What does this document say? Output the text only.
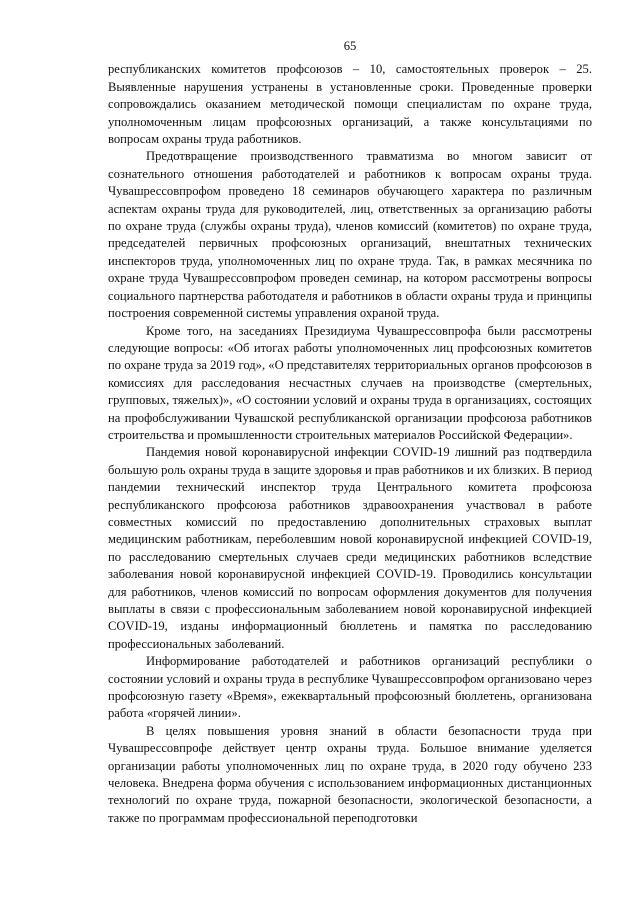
65

республиканских комитетов профсоюзов – 10, самостоятельных проверок – 25. Выявленные нарушения устранены в установленные сроки. Проведенные проверки сопровождались оказанием методической помощи специалистам по охране труда, уполномоченным лицам профсоюзных организаций, а также консультациями по вопросам охраны труда работников.

Предотвращение производственного травматизма во многом зависит от сознательного отношения работодателей и работников к вопросам охраны труда. Чувашрессовпрофом проведено 18 семинаров обучающего характера по различным аспектам охраны труда для руководителей, лиц, ответственных за организацию работы по охране труда (службы охраны труда), членов комиссий (комитетов) по охране труда, председателей первичных профсоюзных организаций, внештатных технических инспекторов труда, уполномоченных лиц по охране труда. Так, в рамках месячника по охране труда Чувашрессовпрофом проведен семинар, на котором рассмотрены вопросы социального партнерства работодателя и работников в области охраны труда и принципы построения современной системы управления охраной труда.

Кроме того, на заседаниях Президиума Чувашрессовпрофа были рассмотрены следующие вопросы: «Об итогах работы уполномоченных лиц профсоюзных комитетов по охране труда за 2019 год», «О представителях территориальных органов профсоюзов в комиссиях для расследования несчастных случаев на производстве (смертельных, групповых, тяжелых)», «О состоянии условий и охраны труда в организациях, состоящих на профобслуживании Чувашской республиканской организации профсоюза работников строительства и промышленности строительных материалов Российской Федерации».

Пандемия новой коронавирусной инфекции COVID-19 лишний раз подтвердила большую роль охраны труда в защите здоровья и прав работников и их близких. В период пандемии технический инспектор труда Центрального комитета профсоюза республиканского профсоюза работников здравоохранения участвовал в работе совместных комиссий по предоставлению дополнительных страховых выплат медицинским работникам, переболевшим новой коронавирусной инфекцией COVID-19, по расследованию смертельных случаев среди медицинских работников вследствие заболевания новой коронавирусной инфекцией COVID-19. Проводились консультации для работников, членов комиссий по вопросам оформления документов для получения выплаты в связи с профессиональным заболеванием новой коронавирусной инфекцией COVID-19, изданы информационный бюллетень и памятка по расследованию профессиональных заболеваний.

Информирование работодателей и работников организаций республики о состоянии условий и охраны труда в республике Чувашрессовпрофом организовано через профсоюзную газету «Время», ежеквартальный профсоюзный бюллетень, организована работа «горячей линии».

В целях повышения уровня знаний в области безопасности труда при Чувашрессовпрофе действует центр охраны труда. Большое внимание уделяется организации работы уполномоченных лиц по охране труда, в 2020 году обучено 233 человека. Внедрена форма обучения с использованием информационных дистанционных технологий по охране труда, пожарной безопасности, экологической безопасности, а также по программам профессиональной переподготовки
